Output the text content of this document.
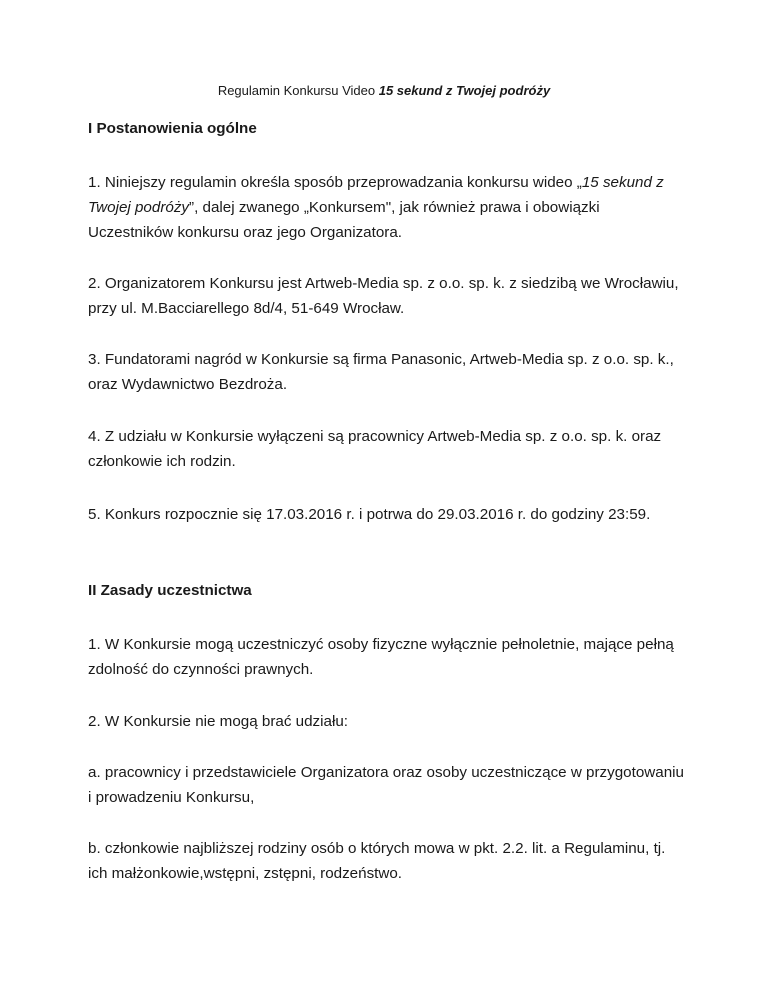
Regulamin Konkursu Video 15 sekund z Twojej podróży
I Postanowienia ogólne
1. Niniejszy regulamin określa sposób przeprowadzania konkursu wideo „15 sekund z Twojej podróży”, dalej zwanego „Konkursem", jak również prawa i obowiązki Uczestników konkursu oraz jego Organizatora.
2. Organizatorem Konkursu jest Artweb-Media sp. z o.o. sp. k. z siedzibą we Wrocławiu, przy ul. M.Bacciarellego 8d/4, 51-649 Wrocław.
3. Fundatorami nagród w Konkursie są firma Panasonic, Artweb-Media sp. z o.o. sp. k., oraz Wydawnictwo Bezdroża.
4. Z udziału w Konkursie wyłączeni są pracownicy Artweb-Media sp. z o.o. sp. k. oraz członkowie ich rodzin.
5. Konkurs rozpocznie się 17.03.2016 r. i potrwa do 29.03.2016 r. do godziny 23:59.
II Zasady uczestnictwa
1. W Konkursie mogą uczestniczyć osoby fizyczne wyłącznie pełnoletnie, mające pełną zdolność do czynności prawnych.
2. W Konkursie nie mogą brać udziału:
a. pracownicy i przedstawiciele Organizatora oraz osoby uczestniczące w przygotowaniu i prowadzeniu Konkursu,
b. członkowie najbliższej rodziny osób o których mowa w pkt. 2.2. lit. a Regulaminu, tj. ich małżonkowie,wstępni, zstępni, rodzeństwo.
